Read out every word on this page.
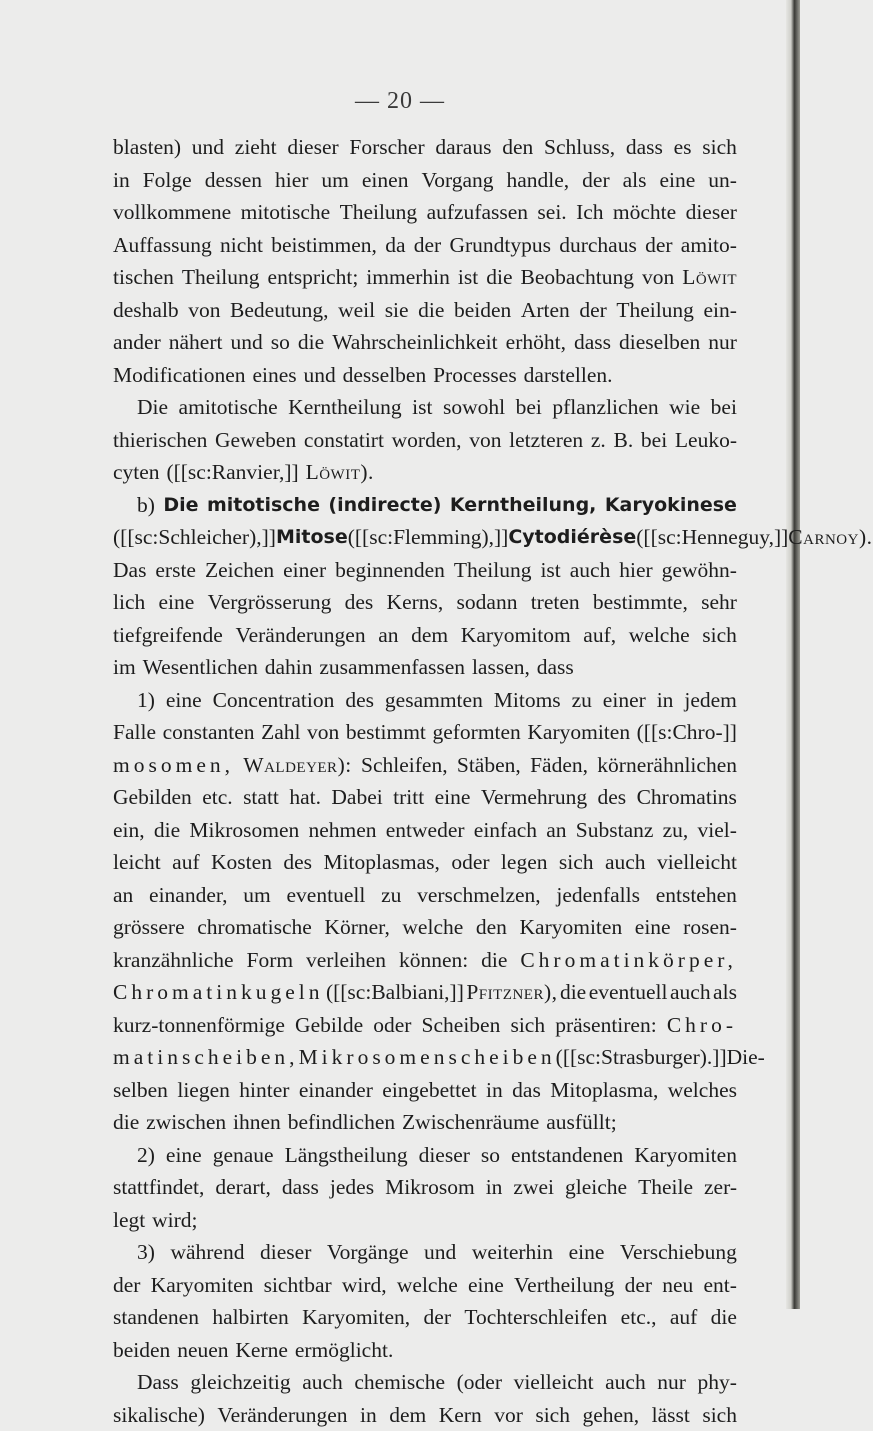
— 20 —
blasten) und zieht dieser Forscher daraus den Schluss, dass es sich
in Folge dessen hier um einen Vorgang handle, der als eine un-
vollkommene mitotische Theilung aufzufassen sei. Ich möchte dieser
Auffassung nicht beistimmen, da der Grundtypus durchaus der amito-
tischen Theilung entspricht; immerhin ist die Beobachtung von Löwit
deshalb von Bedeutung, weil sie die beiden Arten der Theilung ein-
ander nähert und so die Wahrscheinlichkeit erhöht, dass dieselben nur
Modificationen eines und desselben Processes darstellen.
Die amitotische Kerntheilung ist sowohl bei pflanzlichen wie bei
thierischen Geweben constatirt worden, von letzteren z. B. bei Leuko-
cyten ([[sc:Ranvier,]] Löwit).
b) Die mitotische (indirecte) Kerntheilung, Karyokinese
([[sc:Schleicher),]] Mitose ([[sc:Flemming),]] Cytodiérèse ([[sc:Henneguy,]] Carnoy).
Das erste Zeichen einer beginnenden Theilung ist auch hier gewöhn-
lich eine Vergrösserung des Kerns, sodann treten bestimmte, sehr
tiefgreifende Veränderungen an dem Karyomitom auf, welche sich
im Wesentlichen dahin zusammenfassen lassen, dass
1) eine Concentration des gesammten Mitoms zu einer in jedem
Falle constanten Zahl von bestimmt geformten Karyomiten ([[s:Chro-]]
mosomen, Waldeyer): Schleifen, Stäben, Fäden, körnerähnlichen
Gebilden etc. statt hat. Dabei tritt eine Vermehrung des Chromatins
ein, die Mikrosomen nehmen entweder einfach an Substanz zu, viel-
leicht auf Kosten des Mitoplasmas, oder legen sich auch vielleicht
an einander, um eventuell zu verschmelzen, jedenfalls entstehen
grössere chromatische Körner, welche den Karyomiten eine rosen-
kranzähnliche Form verleihen können: die Chromatinkörper,
Chromatinkugeln ([[sc:Balbiani,]] Pfitzner), die eventuell auch als
kurz-tonnenförmige Gebilde oder Scheiben sich präsentiren: Chro-
matinscheiben, Mikrosomenscheiben ([[sc:Strasburger).]] Die-
selben liegen hinter einander eingebettet in das Mitoplasma, welches
die zwischen ihnen befindlichen Zwischenräume ausfüllt;
2) eine genaue Längstheilung dieser so entstandenen Karyomiten
stattfindet, derart, dass jedes Mikrosom in zwei gleiche Theile zer-
legt wird;
3) während dieser Vorgänge und weiterhin eine Verschiebung
der Karyomiten sichtbar wird, welche eine Vertheilung der neu ent-
standenen halbirten Karyomiten, der Tochterschleifen etc., auf die
beiden neuen Kerne ermöglicht.
Dass gleichzeitig auch chemische (oder vielleicht auch nur phy-
sikalische) Veränderungen in dem Kern vor sich gehen, lässt sich
